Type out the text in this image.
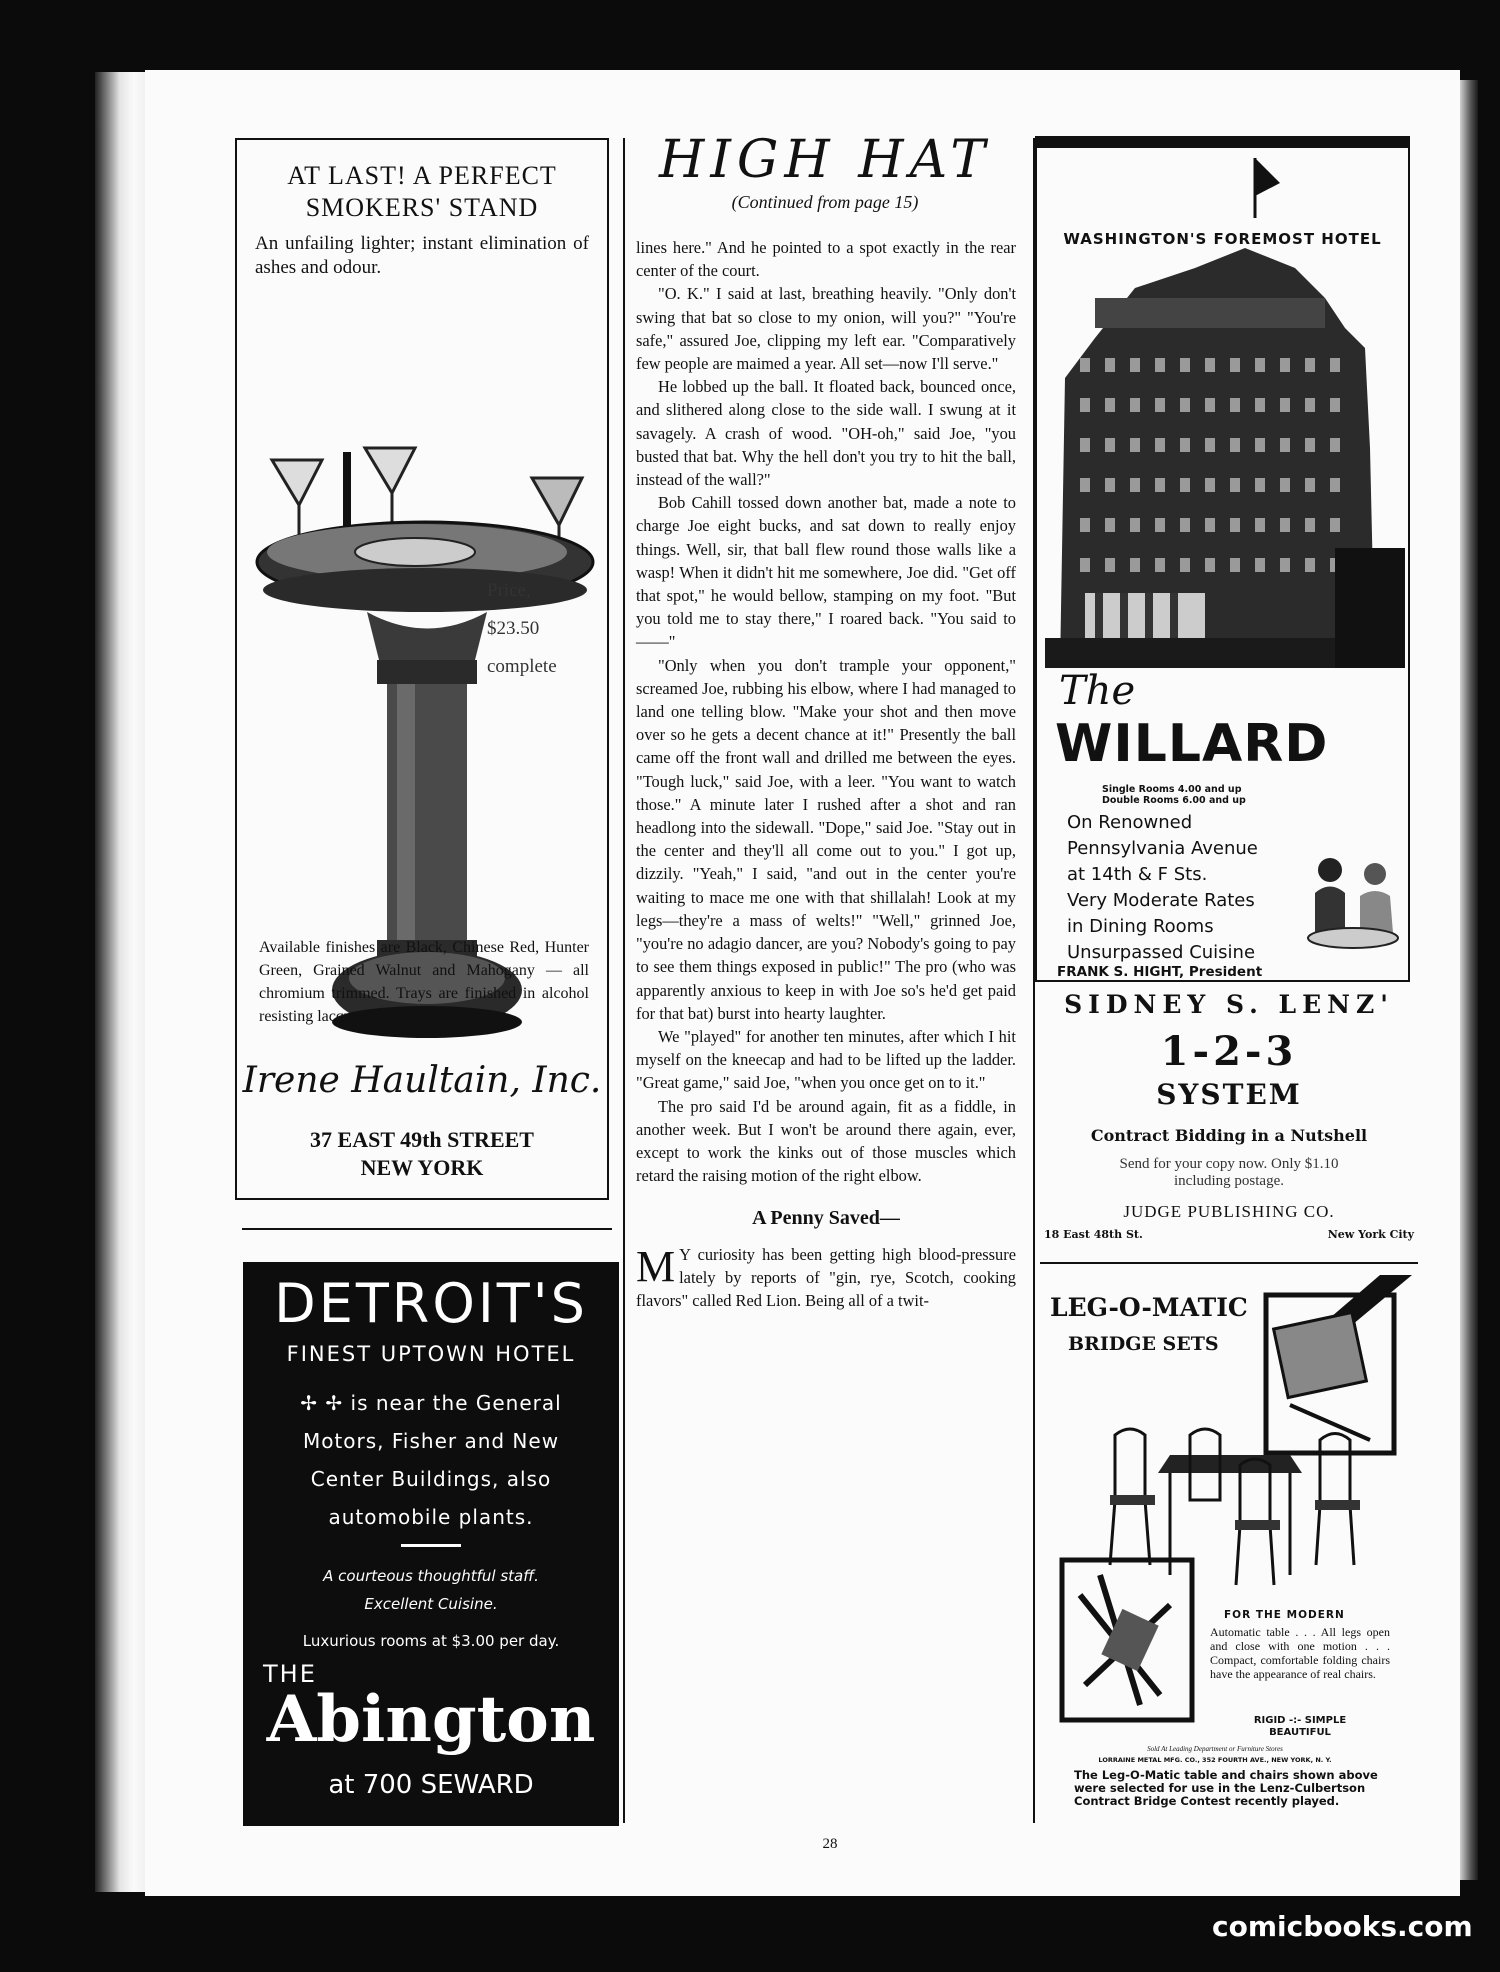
AT LAST! A PERFECT
SMOKERS' STAND
An unfailing lighter; instant elimination of ashes and odour.
Price,
$23.50
complete
Available finishes are Black, Chinese Red, Hunter Green, Grained Walnut and Mahogany — all chromium trimmed. Trays are finished in alcohol resisting lacquer.
Irene Haultain, Inc.
37 EAST 49th STREET
NEW YORK
DETROIT'S
FINEST UPTOWN HOTEL
✢ ✢ is near the General
Motors, Fisher and New
Center Buildings, also
automobile plants.
A courteous thoughtful staff.
Excellent Cuisine.
Luxurious rooms at $3.00 per day.
THE
Abington
at 700 SEWARD
HIGH HAT
(Continued from page 15)

lines here." And he pointed to a spot exactly in the rear center of the court.

"O. K." I said at last, breathing heavily. "Only don't swing that bat so close to my onion, will you?" "You're safe," assured Joe, clipping my left ear. "Comparatively few people are maimed a year. All set—now I'll serve."

He lobbed up the ball. It floated back, bounced once, and slithered along close to the side wall. I swung at it savagely. A crash of wood. "OH-oh," said Joe, "you busted that bat. Why the hell don't you try to hit the ball, instead of the wall?"

Bob Cahill tossed down another bat, made a note to charge Joe eight bucks, and sat down to really enjoy things. Well, sir, that ball flew round those walls like a wasp! When it didn't hit me somewhere, Joe did. "Get off that spot," he would bellow, stamping on my foot. "But you told me to stay there," I roared back. "You said to——"

"Only when you don't trample your opponent," screamed Joe, rubbing his elbow, where I had managed to land one telling blow. "Make your shot and then move over so he gets a decent chance at it!" Presently the ball came off the front wall and drilled me between the eyes. "Tough luck," said Joe, with a leer. "You want to watch those." A minute later I rushed after a shot and ran headlong into the sidewall. "Dope," said Joe. "Stay out in the center and they'll all come out to you." I got up, dizzily. "Yeah," I said, "and out in the center you're waiting to mace me one with that shillalah! Look at my legs—they're a mass of welts!" "Well," grinned Joe, "you're no adagio dancer, are you? Nobody's going to pay to see them things exposed in public!" The pro (who was apparently anxious to keep in with Joe so's he'd get paid for that bat) burst into hearty laughter.

We "played" for another ten minutes, after which I hit myself on the kneecap and had to be lifted up the ladder. "Great game," said Joe, "when you once get on to it."

The pro said I'd be around again, fit as a fiddle, in another week. But I won't be around there again, ever, except to work the kinks out of those muscles which retard the raising motion of the right elbow.

A Penny Saved—

M Y curiosity has been getting high blood-pressure lately by reports of "gin, rye, Scotch, cooking flavors" called Red Lion. Being all of a twit-

28
WASHINGTON'S FOREMOST HOTEL
The
WILLARD
Single Rooms 4.00 and up
Double Rooms 6.00 and up
On Renowned
Pennsylvania Avenue
at 14th & F Sts.
Very Moderate Rates
in Dining Rooms
Unsurpassed Cuisine
FRANK S. HIGHT, President
SIDNEY S. LENZ'
1-2-3
SYSTEM
Contract Bidding in a Nutshell
Send for your copy now. Only $1.10
including postage.
JUDGE PUBLISHING CO.
18 East 48th St.	New York City
LEG-O-MATIC
BRIDGE SETS
FOR THE MODERN
Automatic table . . . All legs open and close with one motion . . . Compact, comfortable folding chairs have the appearance of real chairs.
RIGID -:- SIMPLE BEAUTIFUL
Sold At Leading Department or Furniture Stores
LORRAINE METAL MFG. CO., 352 FOURTH AVE., NEW YORK, N. Y.
The Leg-O-Matic table and chairs shown above were selected for use in the Lenz-Culbertson Contract Bridge Contest recently played.
comicbooks.com
